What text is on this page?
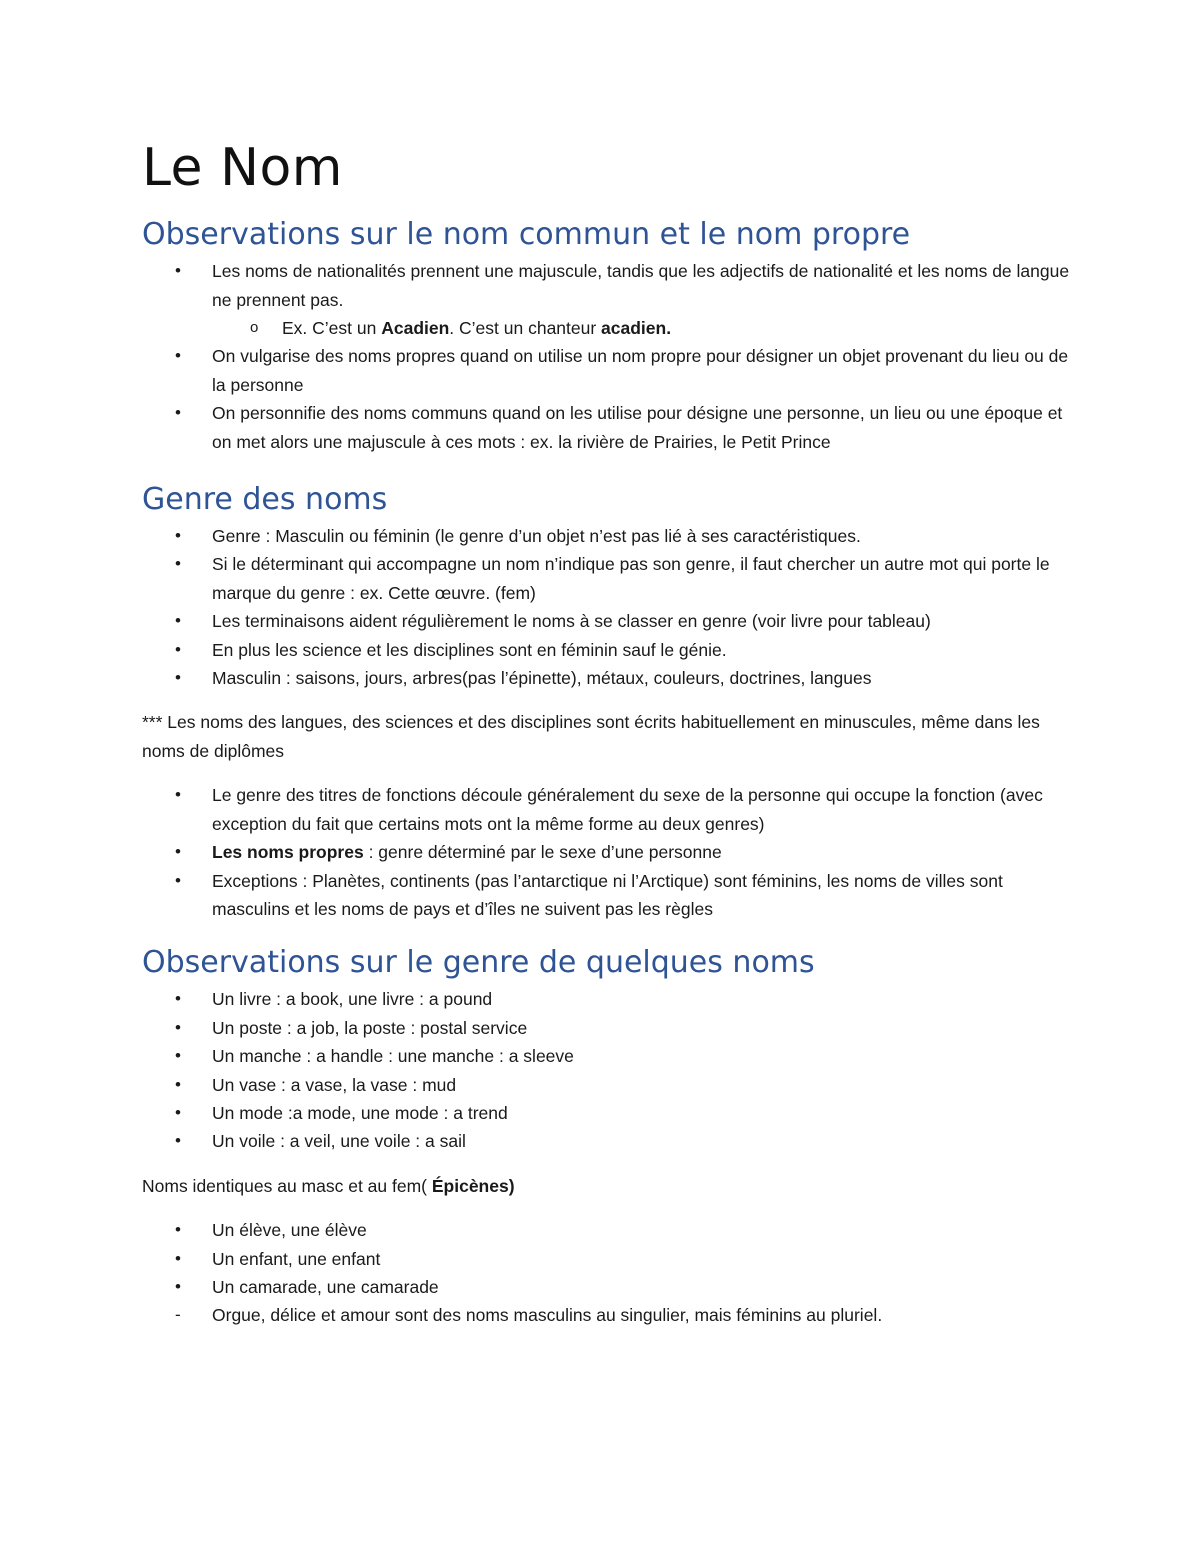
Le Nom
Observations sur le nom commun et le nom propre
• Les noms de nationalités prennent une majuscule, tandis que les adjectifs de nationalité et les noms de langue ne prennent pas.
o Ex. C’est un Acadien. C’est un chanteur acadien.
• On vulgarise des noms propres quand on utilise un nom propre pour désigner un objet provenant du lieu ou de la personne
• On personnifie des noms communs quand on les utilise pour désigne une personne, un lieu ou une époque et on met alors une majuscule à ces mots : ex. la rivière de Prairies, le Petit Prince
Genre des noms
• Genre : Masculin ou féminin (le genre d’un objet n’est pas lié à ses caractéristiques.
• Si le déterminant qui accompagne un nom n’indique pas son genre, il faut chercher un autre mot qui porte le marque du genre : ex. Cette œuvre. (fem)
• Les terminaisons aident régulièrement le noms à se classer en genre (voir livre pour tableau)
• En plus les science et les disciplines sont en féminin sauf le génie.
• Masculin : saisons, jours, arbres(pas l’épinette), métaux, couleurs, doctrines, langues

*** Les noms des langues, des sciences et des disciplines sont écrits habituellement en minuscules, même dans les noms de diplômes

• Le genre des titres de fonctions découle généralement du sexe de la personne qui occupe la fonction (avec exception du fait que certains mots ont la même forme au deux genres)
• Les noms propres : genre déterminé par le sexe d’une personne
• Exceptions : Planètes, continents (pas l’antarctique ni l’Arctique) sont féminins, les noms de villes sont masculins et les noms de pays et d’îles ne suivent pas les règles
Observations sur le genre de quelques noms
• Un livre : a book, une livre : a pound
• Un poste : a job, la poste : postal service
• Un manche : a handle : une manche : a sleeve
• Un vase : a vase, la vase : mud
• Un mode :a mode, une mode : a trend
• Un voile : a veil, une voile : a sail

Noms identiques au masc et au fem( Épicènes)

• Un élève, une élève
• Un enfant, une enfant
• Un camarade, une camarade
- Orgue, délice et amour sont des noms masculins au singulier, mais féminins au pluriel.
